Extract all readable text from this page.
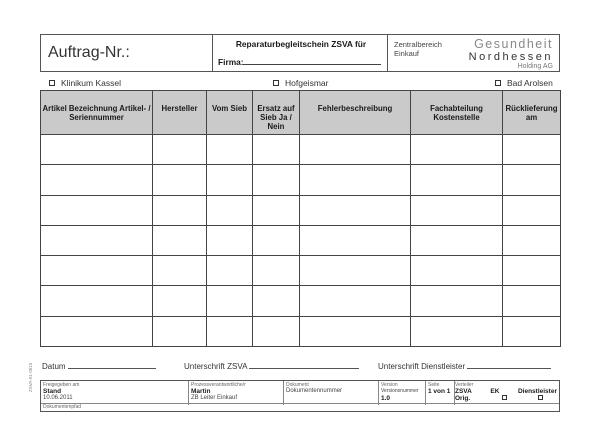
Auftrag-Nr.:	Reparaturbegleitschein ZSVA für
Firma:
Zentralbereich
Einkauf
Gesundheit
Nordhessen
Holding AG
Klinikum Kassel	Hofgeismar	Bad Arolsen
Artikel Bezeichnung Artikel- / Seriennummer	Hersteller	Vom Sieb	Ersatz auf Sieb Ja / Nein	Fehlerbeschreibung	Fachabteilung Kostenstelle	Rücklieferung am

Datum	Unterschrift ZSVA	Unterschrift Dienstleister
Freigegeben am
Stand
10.06.2011
Prozessverantwortliche/r
Martin
ZB Leiter Einkauf
Dokument
Dokumentennummer
Version
Versionsnummer
1.0
Seite
1 von 1
Verteiler
ZSVA	EK	Dienstleister
Orig.
Dokumentenpfad
ZSVA-01-0815
